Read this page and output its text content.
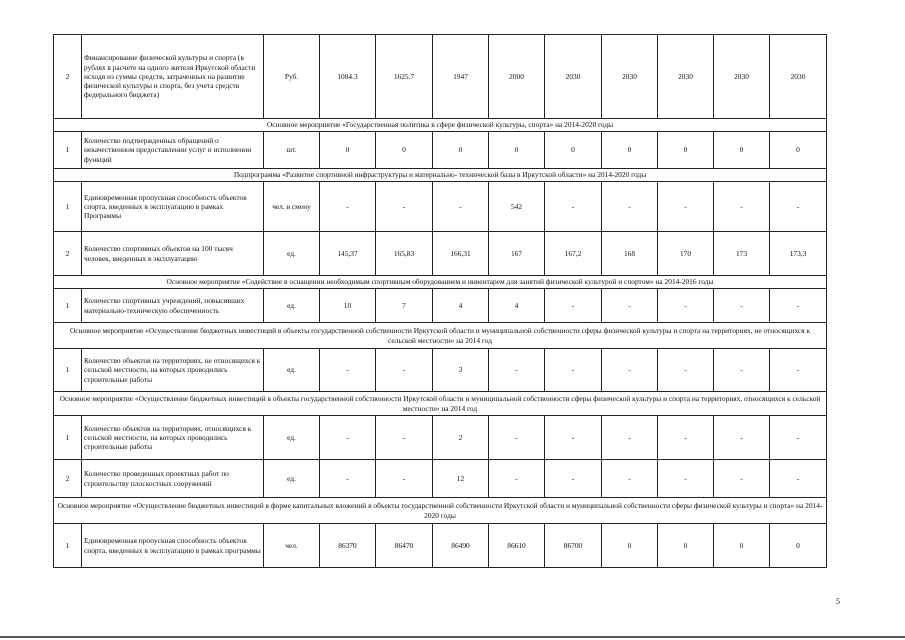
2	Финансирование физической культуры и спорта (в рублях в расчете на одного жителя Иркутской области исходя из суммы средств, затраченных на развитие физической культуры и спорта, без учета средств федерального бюджета)	Руб.	1084.3	1625.7	1947	2000	2030	2030	2030	2030	2030
Основное мероприятие «Государственная политика в сфере физической культуры, спорта» на 2014-2020 годы											
1	Количество подтвержденных обращений о некачественном предоставлении услуг и исполнении функций	шт.	0	0	0	0	0	0	0	0	0
Подпрограмма «Развитие спортивной инфраструктуры и материально- технической базы в Иркутской области» на 2014-2020 годы											
1	Единовременная пропускная способность объектов спорта, введенных в эксплуатацию в рамках Программы	чел. в смену	-	-	-	542	-	-	-	-	-
2	Количество спортивных объектов на 100 тысяч человек, введенных в эксплуатацию	ед.	145,37	165,83	166,31	167	167,2	168	170	173	173,3
Основное мероприятие «Содействие в оснащении необходимым спортивным оборудованием и инвентарем для занятий физической культурой и спортом» на 2014-2016 годы											
1	Количество спортивных учреждений, повысивших материально-техническую обеспеченность	ед.	10	7	4	4	-	-	-	-	-
Основное мероприятие «Осуществление бюджетных инвестиций в объекты государственной собственности Иркутской области и муниципальной собственности сферы физической культуры и спорта на территориях, не относящихся к сельской местности» на 2014 год											
1	Количество объектов на территориях, не относящихся к сельской местности, на которых проводились строительные работы	ед.	-	-	3	-	-	-	-	-	-
Основное мероприятие «Осуществление бюджетных инвестиций в объекты государственной собственности Иркутской области и муниципальной собственности сферы физической культуры и спорта на территориях, относящихся к сельской местности» на 2014 год											
1	Количество объектов на территориях, относящихся к сельской местности, на которых проводились строительные работы	ед.	-	-	2	-	-	-	-	-	-
2	Количество проведенных проектных работ по строительству плоскостных сооружений	ед.	-	-	12	-	-	-	-	-	-
Основное мероприятие «Осуществление бюджетных инвестиций в форме капитальных вложений в объекты государственной собственности Иркутской области и муниципальной собственности сферы физической культуры и спорта» на 2014-2020 годы											
1	Единовременная пропускная способность объектов спорта, введенных в эксплуатацию в рамках программы	чел.	86370	86470	86490	86610	86700	0	0	0	0
5
